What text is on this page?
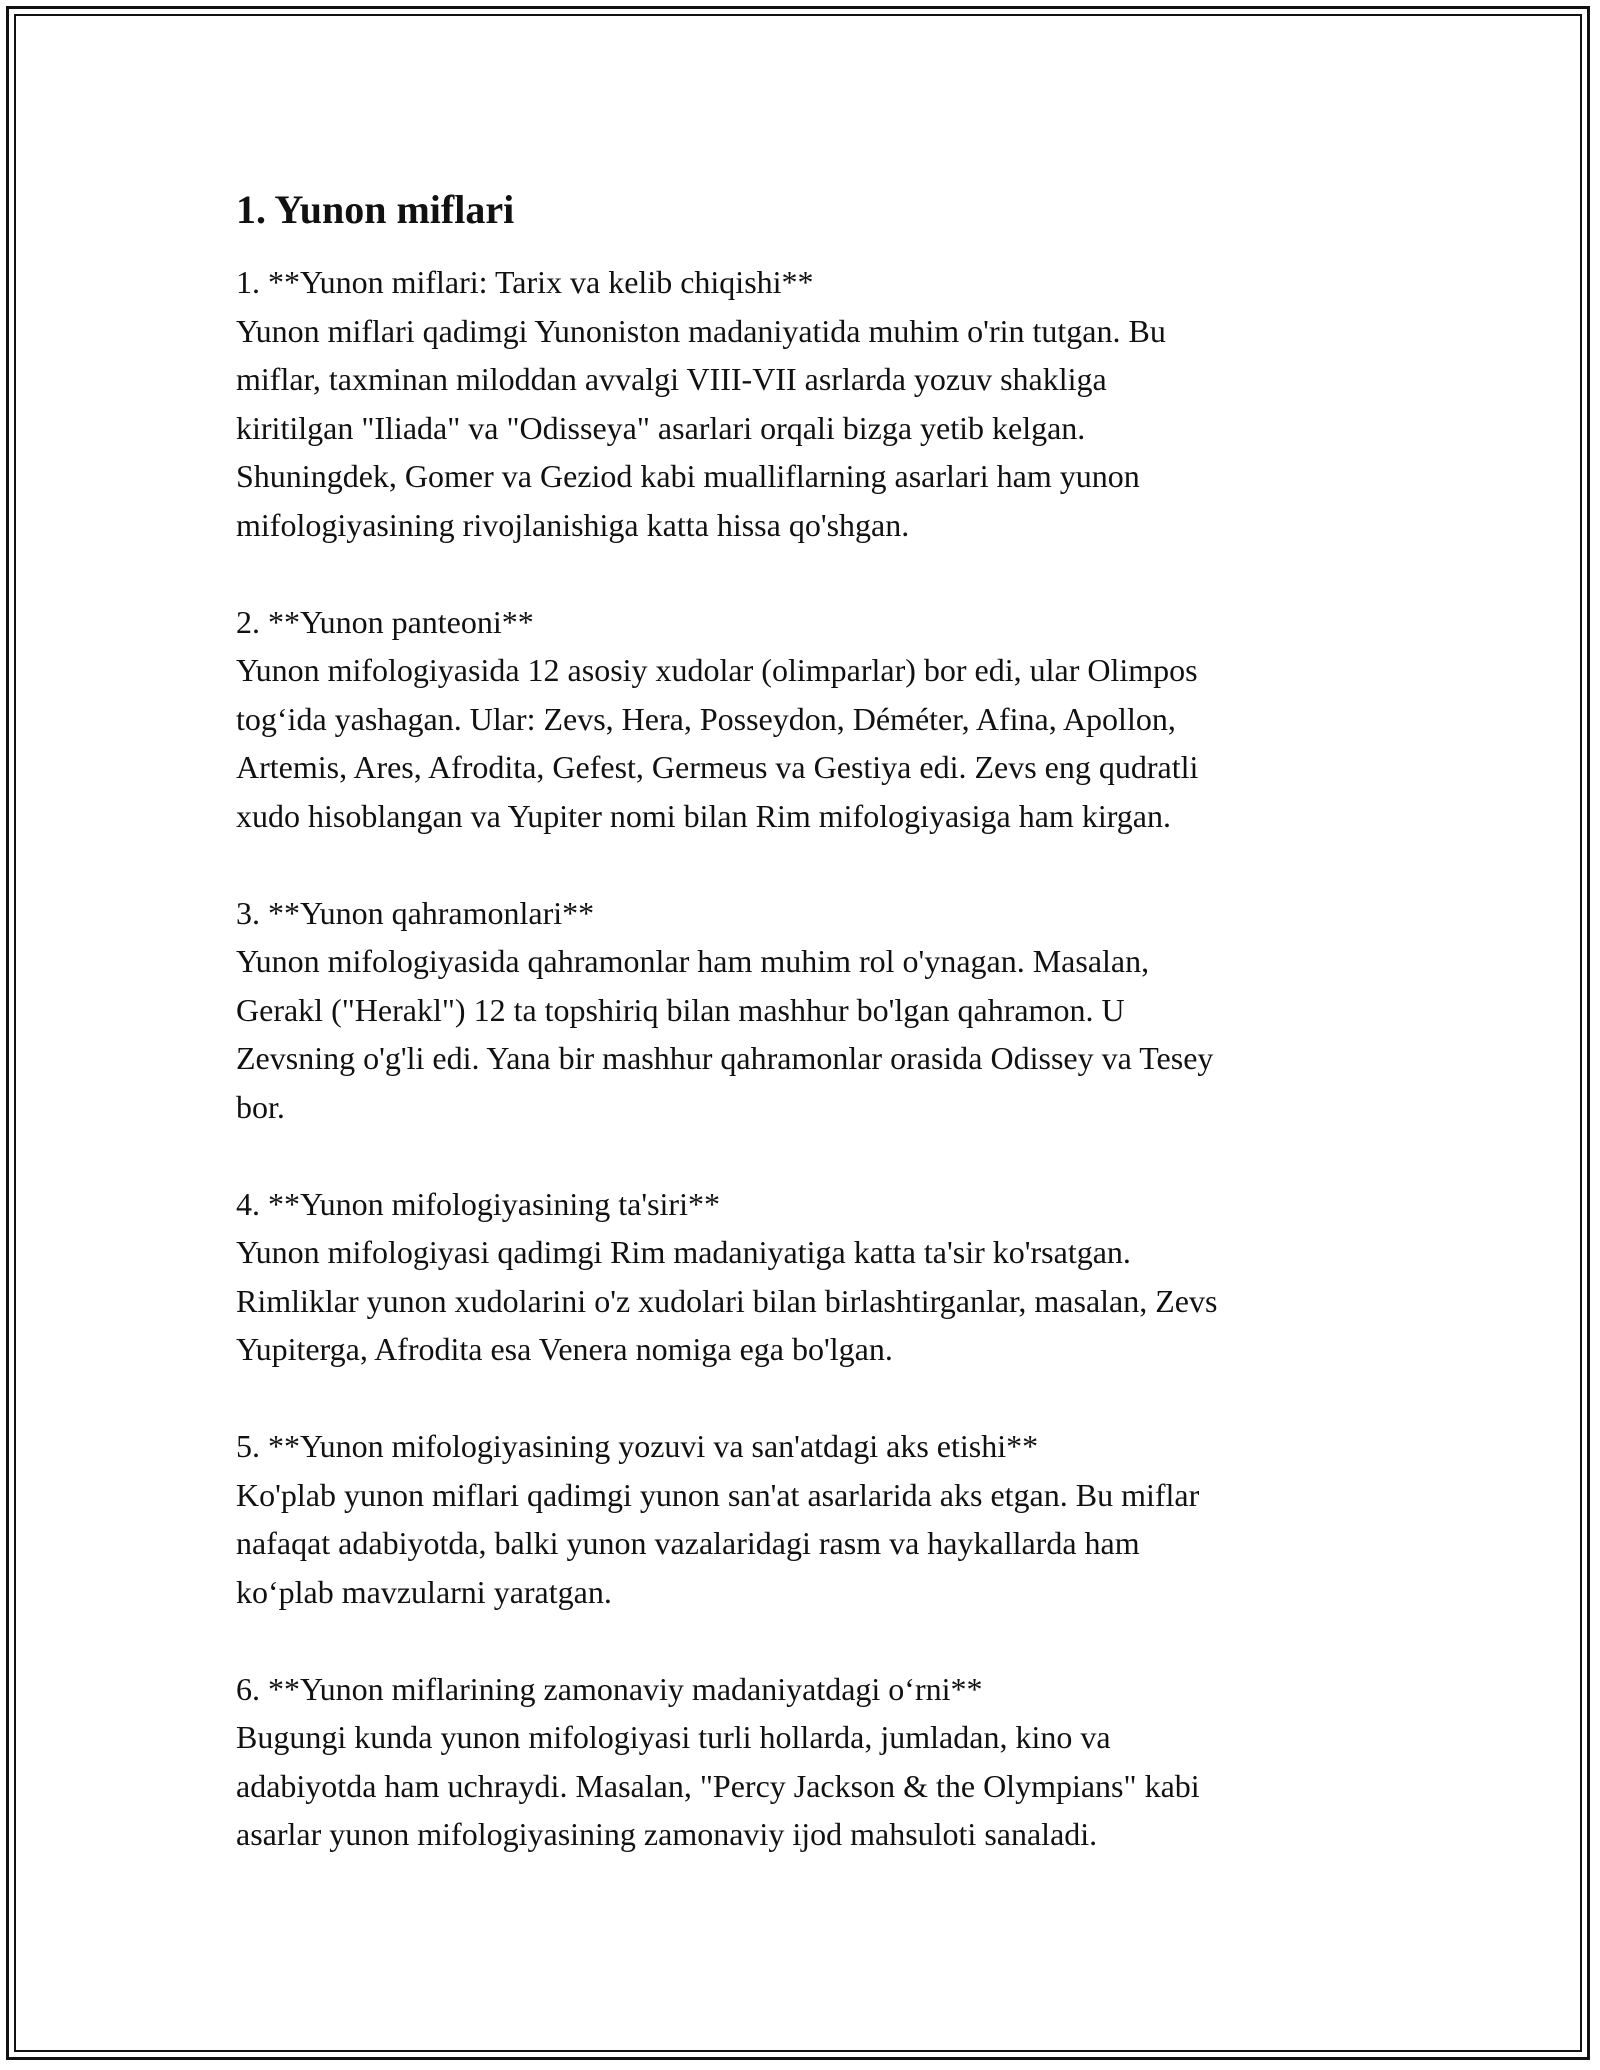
1. Yunon miflari
1. **Yunon miflari: Tarix va kelib chiqishi**
Yunon miflari qadimgi Yunoniston madaniyatida muhim o'rin tutgan. Bu
miflar, taxminan miloddan avvalgi VIII-VII asrlarda yozuv shakliga
kiritilgan "Iliada" va "Odisseya" asarlari orqali bizga yetib kelgan.
Shuningdek, Gomer va Geziod kabi mualliflarning asarlari ham yunon
mifologiyasining rivojlanishiga katta hissa qo'shgan.
2. **Yunon panteoni**
Yunon mifologiyasida 12 asosiy xudolar (olimparlar) bor edi, ular Olimpos
tog‘ida yashagan. Ular: Zevs, Hera, Posseydon, Déméter, Afina, Apollon,
Artemis, Ares, Afrodita, Gefest, Germeus va Gestiya edi. Zevs eng qudratli
xudo hisoblangan va Yupiter nomi bilan Rim mifologiyasiga ham kirgan.
3. **Yunon qahramonlari**
Yunon mifologiyasida qahramonlar ham muhim rol o'ynagan. Masalan,
Gerakl ("Herakl") 12 ta topshiriq bilan mashhur bo'lgan qahramon. U
Zevsning o'g'li edi. Yana bir mashhur qahramonlar orasida Odissey va Tesey
bor.
4. **Yunon mifologiyasining ta'siri**
Yunon mifologiyasi qadimgi Rim madaniyatiga katta ta'sir ko'rsatgan.
Rimliklar yunon xudolarini o'z xudolari bilan birlashtirganlar, masalan, Zevs
Yupiterga, Afrodita esa Venera nomiga ega bo'lgan.
5. **Yunon mifologiyasining yozuvi va san'atdagi aks etishi**
Ko'plab yunon miflari qadimgi yunon san'at asarlarida aks etgan. Bu miflar
nafaqat adabiyotda, balki yunon vazalaridagi rasm va haykallarda ham
ko‘plab mavzularni yaratgan.
6. **Yunon miflarining zamonaviy madaniyatdagi o‘rni**
Bugungi kunda yunon mifologiyasi turli hollarda, jumladan, kino va
adabiyotda ham uchraydi. Masalan, "Percy Jackson & the Olympians" kabi
asarlar yunon mifologiyasining zamonaviy ijod mahsuloti sanaladi.
